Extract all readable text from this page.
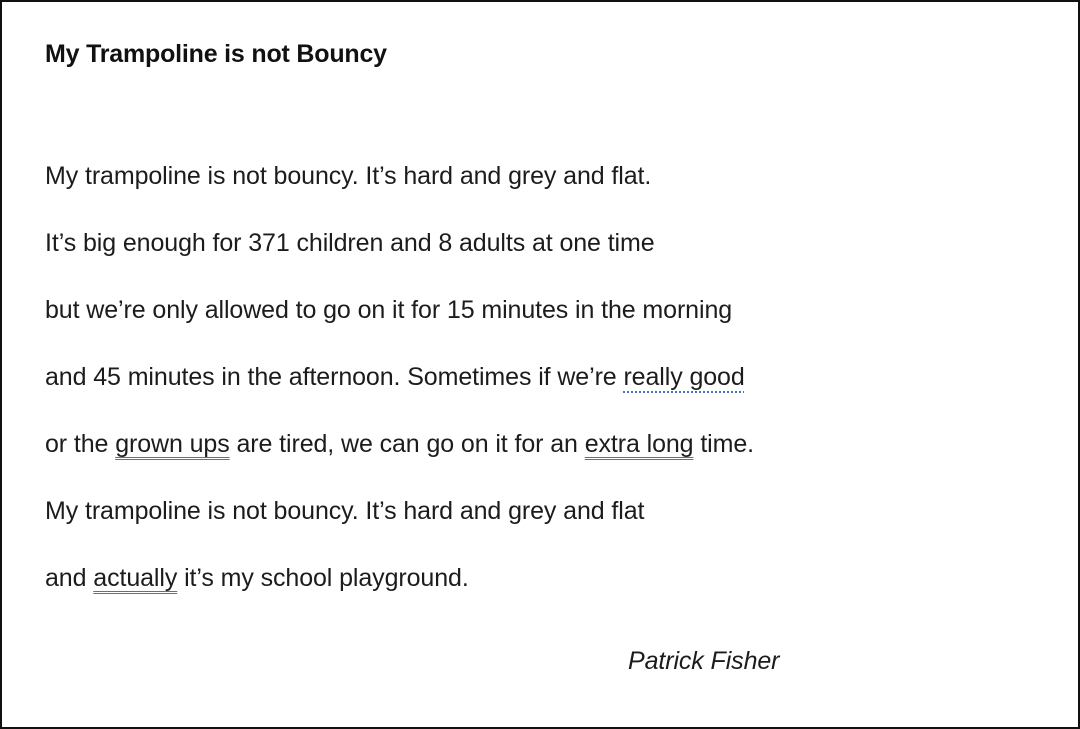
My Trampoline is not Bouncy
My trampoline is not bouncy. It’s hard and grey and flat.
It’s big enough for 371 children and 8 adults at one time
but we’re only allowed to go on it for 15 minutes in the morning
and 45 minutes in the afternoon. Sometimes if we’re really good
or the grown ups are tired, we can go on it for an extra long time.
My trampoline is not bouncy. It’s hard and grey and flat
and actually it’s my school playground.
Patrick Fisher
